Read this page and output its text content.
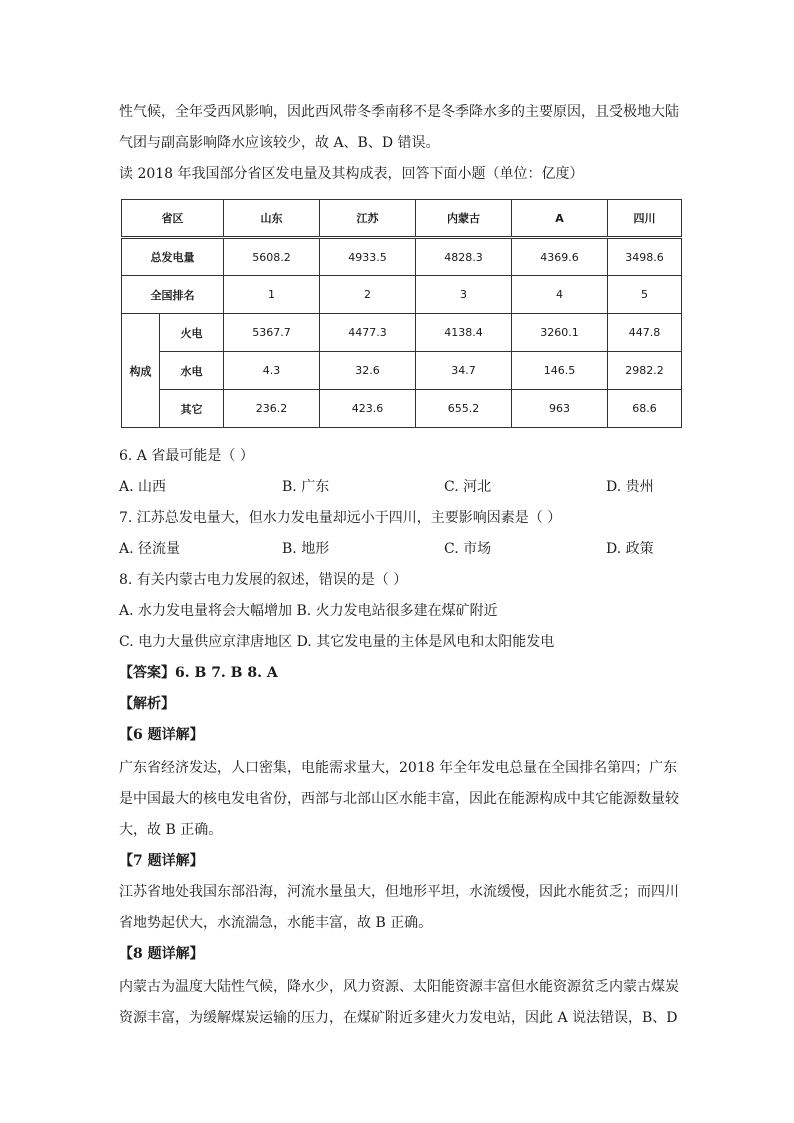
性气候，全年受西风影响，因此西风带冬季南移不是冬季降水多的主要原因，且受极地大陆
气团与副高影响降水应该较少，故 A、B、D 错误。
读 2018 年我国部分省区发电量及其构成表，回答下面小题（单位：亿度）
省区		山东	江苏	内蒙古	A	四川
总发电量		5608.2	4933.5	4828.3	4369.6	3498.6
全国排名		1	2	3	4	5
构成	火电	5367.7	4477.3	4138.4	3260.1	447.8
	水电	4.3	32.6	34.7	146.5	2982.2
	其它	236.2	423.6	655.2	963	68.6
6. A 省最可能是（ ）
A. 山西	B. 广东	C. 河北	D. 贵州
7. 江苏总发电量大，但水力发电量却远小于四川，主要影响因素是（ ）
A. 径流量	B. 地形	C. 市场	D. 政策
8. 有关内蒙古电力发展的叙述，错误的是（ ）
A. 水力发电量将会大幅增加 B. 火力发电站很多建在煤矿附近
C. 电力大量供应京津唐地区 D. 其它发电量的主体是风电和太阳能发电
【答案】6. B 7. B 8. A
【解析】
【6 题详解】
广东省经济发达，人口密集，电能需求量大，2018 年全年发电总量在全国排名第四；广东
是中国最大的核电发电省份，西部与北部山区水能丰富，因此在能源构成中其它能源数量较
大，故 B 正确。
【7 题详解】
江苏省地处我国东部沿海，河流水量虽大，但地形平坦，水流缓慢，因此水能贫乏；而四川
省地势起伏大，水流湍急，水能丰富，故 B 正确。
【8 题详解】
内蒙古为温度大陆性气候，降水少，风力资源、太阳能资源丰富但水能资源贫乏内蒙古煤炭
资源丰富，为缓解煤炭运输的压力，在煤矿附近多建火力发电站，因此 A 说法错误，B、D
